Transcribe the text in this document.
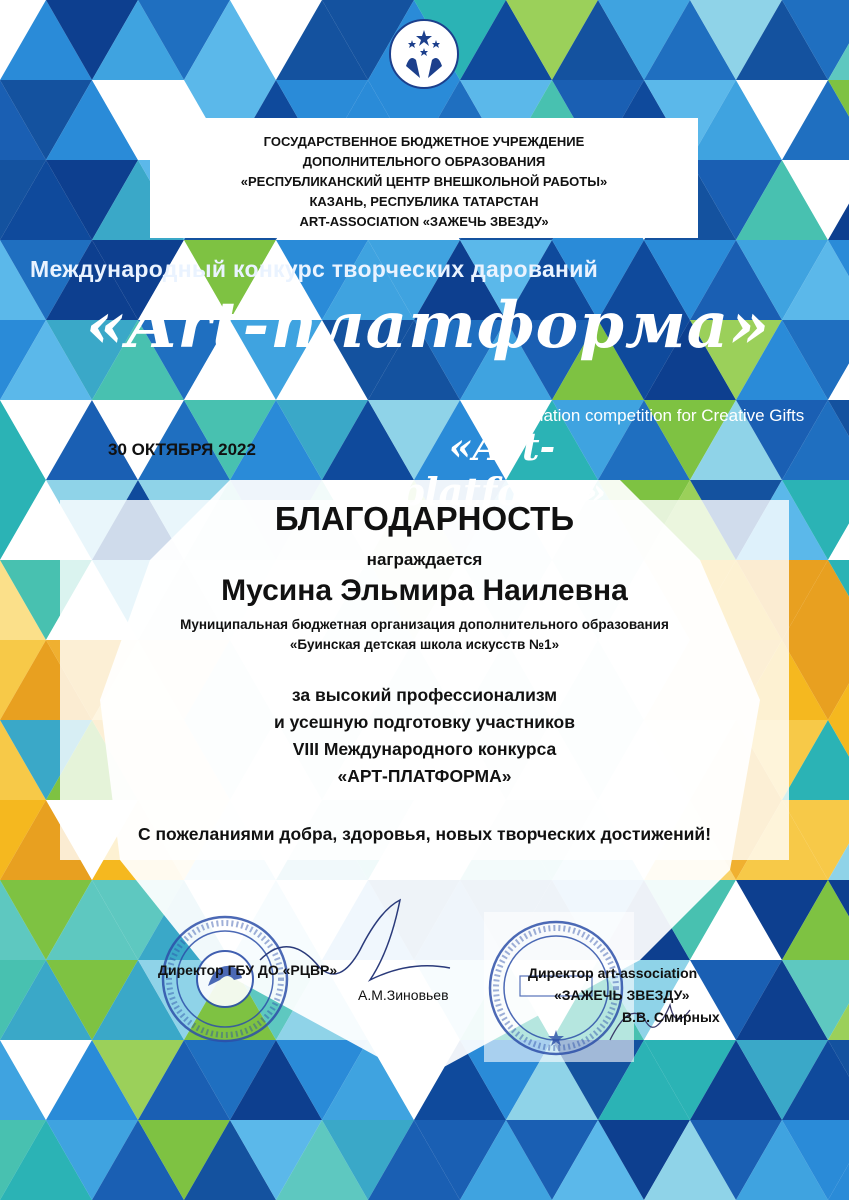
ГОСУДАРСТВЕННОЕ БЮДЖЕТНОЕ УЧРЕЖДЕНИЕ
ДОПОЛНИТЕЛЬНОГО ОБРАЗОВАНИЯ
«РЕСПУБЛИКАНСКИЙ ЦЕНТР ВНЕШКОЛЬНОЙ РАБОТЫ»
КАЗАНЬ, РЕСПУБЛИКА ТАТАРСТАН
ART-ASSOCIATION «ЗАЖЕЧЬ ЗВЕЗДУ»
Международный конкурс творческих дарований
«Art-платформа»
Internation competition for Creative Gifts
«Art-platform»
30 ОКТЯБРЯ 2022
БЛАГОДАРНОСТЬ
награждается
Мусина Эльмира Наилевна
Муниципальная бюджетная организация дополнительного образования
«Буинская детская школа искусств №1»
за высокий профессионализм
и усешную подготовку участников
VIII Международного конкурса
«АРТ-ПЛАТФОРМА»
С пожеланиями добра, здоровья, новых творческих достижений!
Директор ГБУ ДО «РЦВР»
А.М.Зиновьев
Директор art-association
«ЗАЖЕЧЬ ЗВЕЗДУ»
В.В. Смирных
